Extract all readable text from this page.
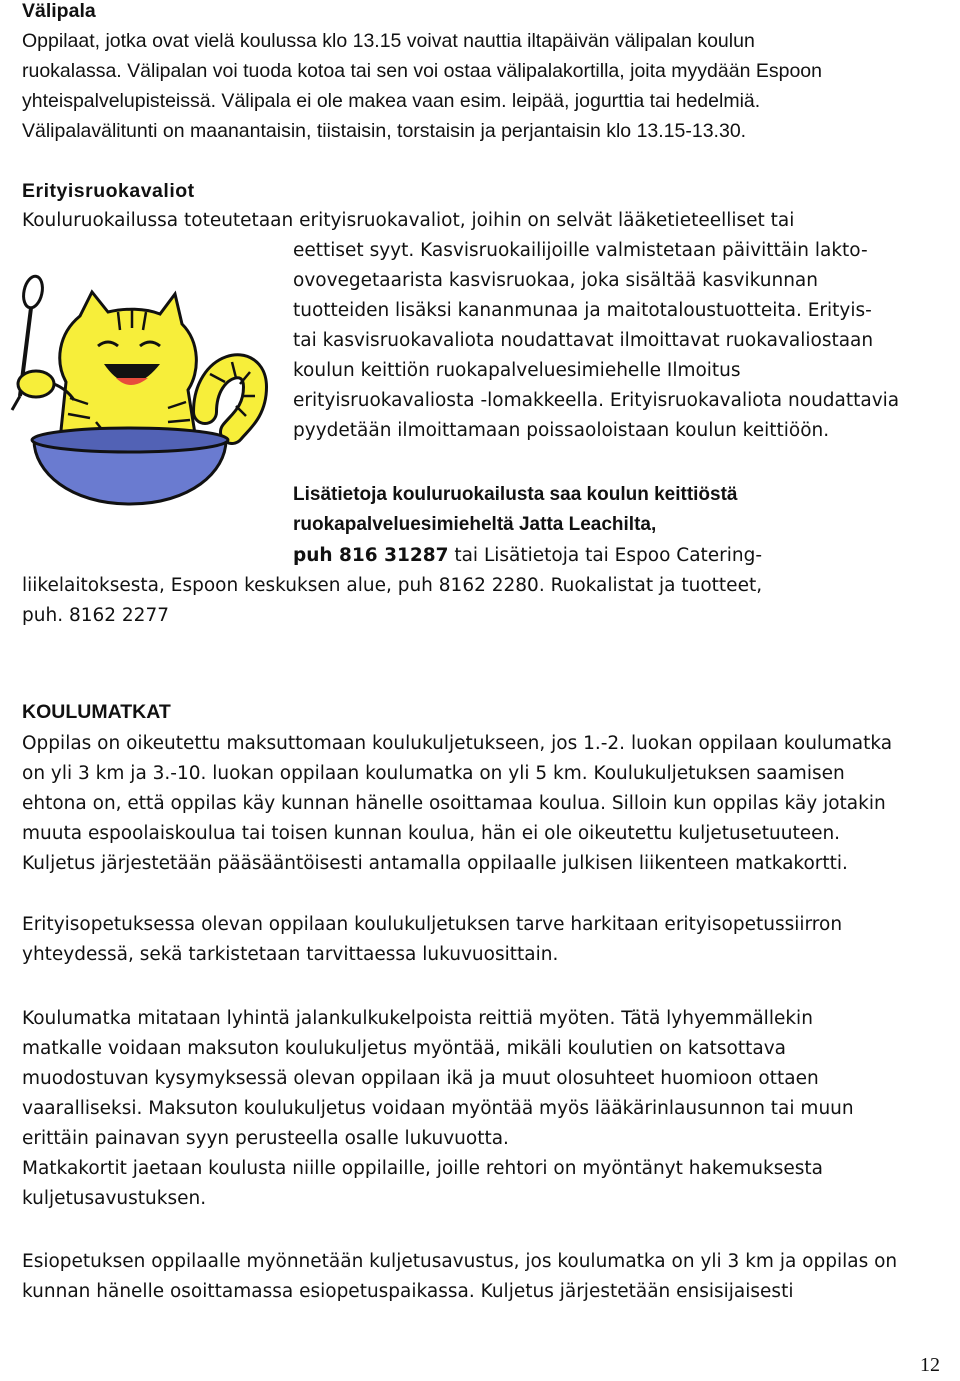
Välipala
Oppilaat, jotka ovat vielä koulussa klo 13.15 voivat nauttia iltapäivän välipalan koulun
ruokalassa. Välipalan voi tuoda kotoa tai sen voi ostaa välipalakortilla, joita myydään Espoon
yhteispalvelupisteissä. Välipala ei ole makea vaan esim. leipää, jogurttia tai hedelmiä.
Välipalavälitunti on maanantaisin, tiistaisin, torstaisin ja perjantaisin klo 13.15-13.30.
Erityisruokavaliot
Kouluruokailussa toteutetaan erityisruokavaliot, joihin on selvät lääketieteelliset tai
eettiset syyt. Kasvisruokailijoille valmistetaan päivittäin lakto-
ovovegetaarista kasvisruokaa, joka sisältää kasvikunnan
tuotteiden lisäksi kananmunaa ja maitotaloustuotteita. Erityis-
tai kasvisruokavaliota noudattavat ilmoittavat ruokavaliostaan
koulun keittiön ruokapalveluesimiehelle Ilmoitus
erityisruokavaliosta -lomakkeella. Erityisruokavaliota noudattavia
pyydetään ilmoittamaan poissaoloistaan koulun keittiöön.
Lisätietoja kouluruokailusta saa koulun keittiöstä
ruokapalveluesimieheltä Jatta Leachilta,
puh 816 31287 tai Lisätietoja tai Espoo Catering-
liikelaitoksesta, Espoon keskuksen alue, puh 8162 2280. Ruokalistat ja tuotteet,
puh. 8162 2277
KOULUMATKAT
Oppilas on oikeutettu maksuttomaan koulukuljetukseen, jos 1.-2. luokan oppilaan koulumatka
on yli 3 km ja 3.-10. luokan oppilaan koulumatka on yli 5 km. Koulukuljetuksen saamisen
ehtona on, että oppilas käy kunnan hänelle osoittamaa koulua. Silloin kun oppilas käy jotakin
muuta espoolaiskoulua tai toisen kunnan koulua, hän ei ole oikeutettu kuljetusetuuteen.
Kuljetus järjestetään pääsääntöisesti antamalla oppilaalle julkisen liikenteen matkakortti.
Erityisopetuksessa olevan oppilaan koulukuljetuksen tarve harkitaan erityisopetussiirron
yhteydessä, sekä tarkistetaan tarvittaessa lukuvuosittain.
Koulumatka mitataan lyhintä jalankulkukelpoista reittiä myöten. Tätä lyhyemmällekin
matkalle voidaan maksuton koulukuljetus myöntää, mikäli koulutien on katsottava
muodostuvan kysymyksessä olevan oppilaan ikä ja muut olosuhteet huomioon ottaen
vaaralliseksi. Maksuton koulukuljetus voidaan myöntää myös lääkärinlausunnon tai muun
erittäin painavan syyn perusteella osalle lukuvuotta.
Matkakortit jaetaan koulusta niille oppilaille, joille rehtori on myöntänyt hakemuksesta
kuljetusavustuksen.
Esiopetuksen oppilaalle myönnetään kuljetusavustus, jos koulumatka on yli 3 km ja oppilas on
kunnan hänelle osoittamassa esiopetuspaikassa. Kuljetus järjestetään ensisijaisesti
12
